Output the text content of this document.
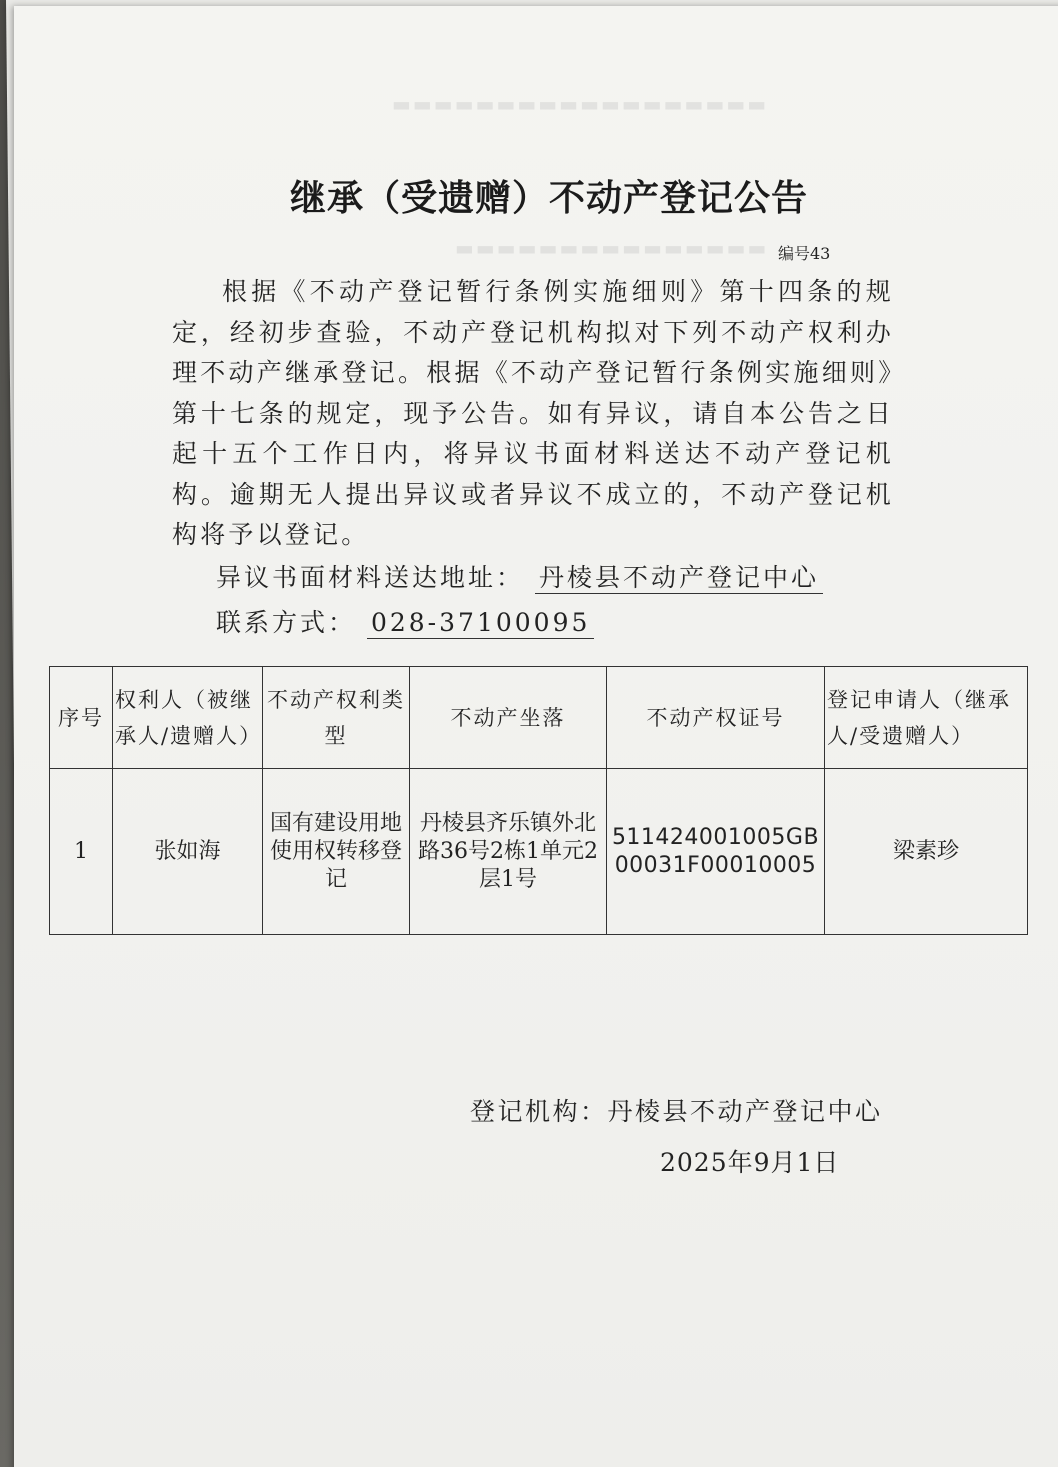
▬▬▬▬▬▬▬▬▬▬▬▬▬▬▬▬▬▬
▬▬▬▬▬▬▬▬▬▬▬▬▬▬▬
继承（受遗赠）不动产登记公告
编号43

根据《不动产登记暂行条例实施细则》第十四条的规定，经初步查验，不动产登记机构拟对下列不动产权利办理不动产继承登记。根据《不动产登记暂行条例实施细则》第十七条的规定，现予公告。如有异议，请自本公告之日起十五个工作日内，将异议书面材料送达不动产登记机构。逾期无人提出异议或者异议不成立的，不动产登记机构将予以登记。

异议书面材料送达地址： 丹棱县不动产登记中心
联系方式： 028-37100095
序号	权利人（被继承人/遗赠人）	不动产权利类型	不动产坐落	不动产权证号	登记申请人（继承人/受遗赠人）
1	张如海	国有建设用地使用权转移登记	丹棱县齐乐镇外北路36号2栋1单元2层1号	511424001005GB00031F00010005	梁素珍
登记机构：丹棱县不动产登记中心
2025年9月1日
